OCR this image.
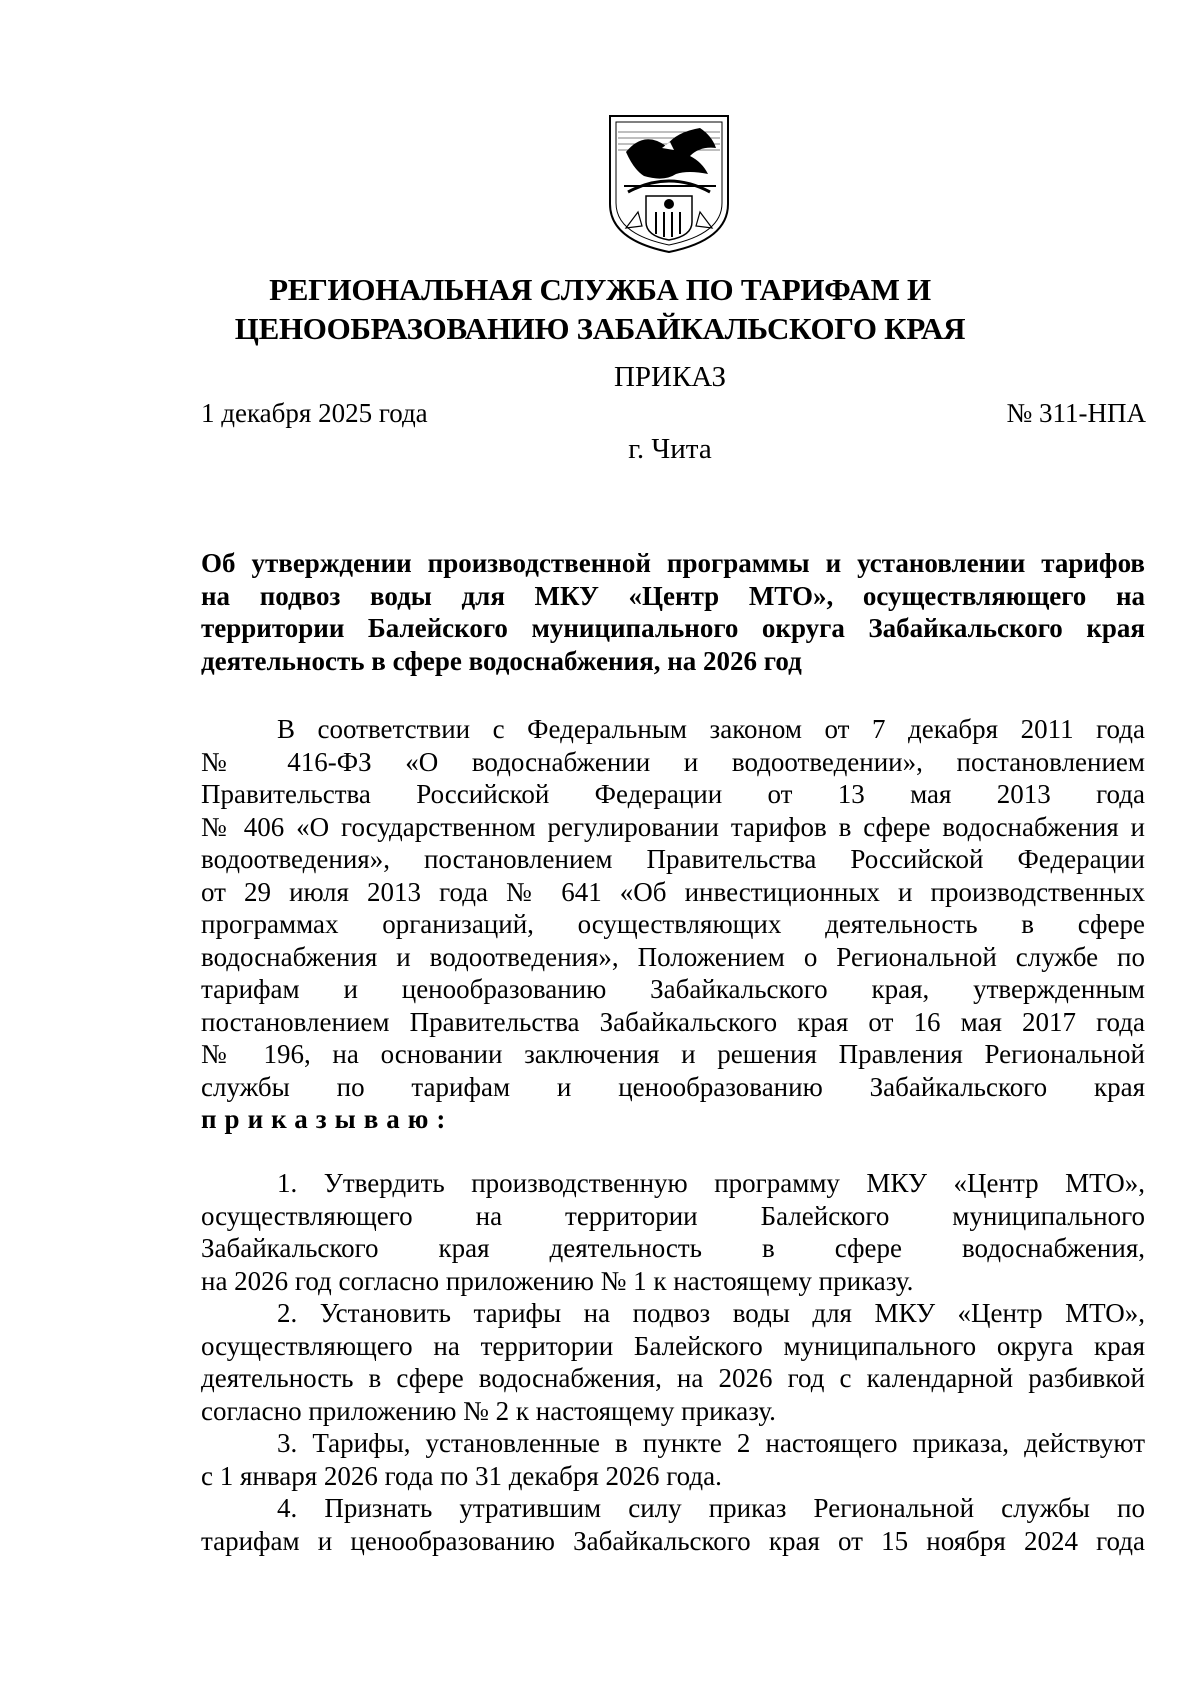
РЕГИОНАЛЬНАЯ СЛУЖБА ПО ТАРИФАМ И
ЦЕНООБРАЗОВАНИЮ ЗАБАЙКАЛЬСКОГО КРАЯ
ПРИКАЗ
1 декабря 2025 года	№ 311-НПА
г. Чита
Об утверждении производственной программы и установлении тарифов
на подвоз воды для МКУ «Центр МТО», осуществляющего на
территории Балейского муниципального округа Забайкальского края
деятельность в сфере водоснабжения, на 2026 год
В соответствии с Федеральным законом от 7 декабря 2011 года
№ 416-ФЗ «О водоснабжении и водоотведении», постановлением
Правительства Российской Федерации от 13 мая 2013 года
№ 406 «О государственном регулировании тарифов в сфере водоснабжения и
водоотведения», постановлением Правительства Российской Федерации
от 29 июля 2013 года № 641 «Об инвестиционных и производственных
программах организаций, осуществляющих деятельность в сфере
водоснабжения и водоотведения», Положением о Региональной службе по
тарифам и ценообразованию Забайкальского края, утвержденным
постановлением Правительства Забайкальского края от 16 мая 2017 года
№ 196, на основании заключения и решения Правления Региональной
службы по тарифам и ценообразованию Забайкальского края
приказываю:
1. Утвердить производственную программу МКУ «Центр МТО»,
осуществляющего на территории Балейского муниципального
Забайкальского края деятельность в сфере водоснабжения,
на 2026 год согласно приложению № 1 к настоящему приказу.
2. Установить тарифы на подвоз воды для МКУ «Центр МТО»,
осуществляющего на территории Балейского муниципального округа края
деятельность в сфере водоснабжения, на 2026 год с календарной разбивкой
согласно приложению № 2 к настоящему приказу.
3. Тарифы, установленные в пункте 2 настоящего приказа, действуют
с 1 января 2026 года по 31 декабря 2026 года.
4. Признать утратившим силу приказ Региональной службы по
тарифам и ценообразованию Забайкальского края от 15 ноября 2024 года
